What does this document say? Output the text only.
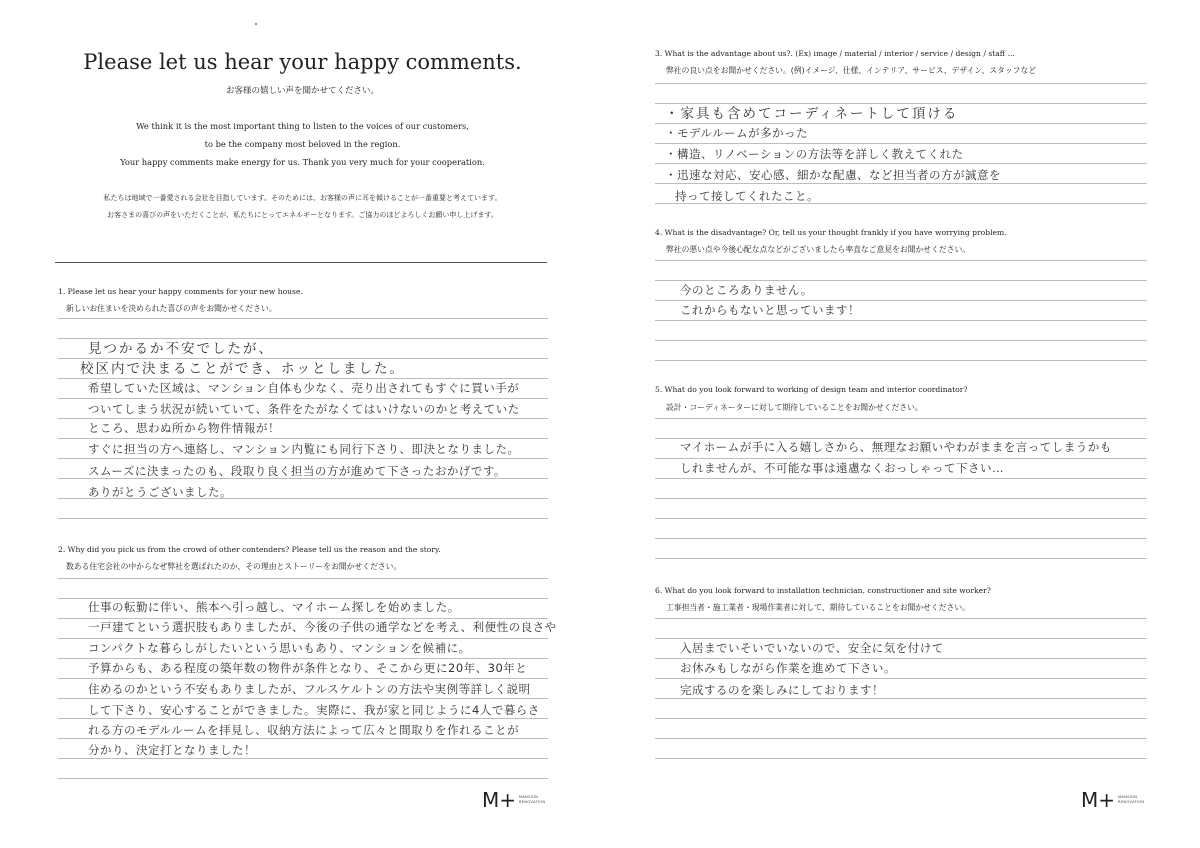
Please let us hear your happy comments.
お客様の嬉しい声を聞かせてください。
We think it is the most important thing to listen to the voices of our customers,
to be the company most beloved in the region.
Your happy comments make energy for us. Thank you very much for your cooperation.
私たちは地域で一番愛される会社を目指しています。そのためには、お客様の声に耳を傾けることが一番重要と考えています。
お客さまの喜びの声をいただくことが、私たちにとってエネルギーとなります。ご協力のほどよろしくお願い申し上げます。
1. Please let us hear your happy comments for your new house.
新しいお住まいを決められた喜びの声をお聞かせください。
見つかるか不安でしたが、
校区内で決まることができ、ホッとしました。
希望していた区域は、マンション自体も少なく、売り出されてもすぐに買い手が
ついてしまう状況が続いていて、条件をたがなくてはいけないのかと考えていた
ところ、思わぬ所から物件情報が！
すぐに担当の方へ連絡し、マンション内覧にも同行下さり、即決となりました。
スムーズに決まったのも、段取り良く担当の方が進めて下さったおかげです。
ありがとうございました。
2. Why did you pick us from the crowd of other contenders? Please tell us the reason and the story.
数ある住宅会社の中からなぜ弊社を選ばれたのか、その理由とストーリーをお聞かせください。
仕事の転勤に伴い、熊本へ引っ越し、マイホーム探しを始めました。
一戸建てという選択肢もありましたが、今後の子供の通学などを考え、利便性の良さや
コンパクトな暮らしがしたいという思いもあり、マンションを候補に。
予算からも、ある程度の築年数の物件が条件となり、そこから更に20年、30年と
住めるのかという不安もありましたが、フルスケルトンの方法や実例等詳しく説明
して下さり、安心することができました。実際に、我が家と同じように4人で暮らさ
れる方のモデルルームを拝見し、収納方法によって広々と間取りを作れることが
分かり、決定打となりました！
M+ MANSION
RENOVATION
3. What is the advantage about us?. (Ex) image / material / interior / service / design / staff ...
弊社の良い点をお聞かせください。(例)イメージ、仕様、インテリア、サービス、デザイン、スタッフなど
・家具も含めてコーディネートして頂ける
・モデルルームが多かった
・構造、リノベーションの方法等を詳しく教えてくれた
・迅速な対応、安心感、細かな配慮、など担当者の方が誠意を
持って接してくれたこと。
4. What is the disadvantage? Or, tell us your thought frankly if you have worrying problem.
弊社の悪い点や今後心配な点などがございましたら率直なご意見をお聞かせください。
今のところありません。
これからもないと思っています！
5. What do you look forward to working of design team and interior coordinator?
設計・コーディネーターに対して期待していることをお聞かせください。
マイホームが手に入る嬉しさから、無理なお願いやわがままを言ってしまうかも
しれませんが、不可能な事は遠慮なくおっしゃって下さい…
6. What do you look forward to installation technician, constructioner and site worker?
工事担当者・施工業者・現場作業者に対して、期待していることをお聞かせください。
入居までいそいでいないので、安全に気を付けて
お休みもしながら作業を進めて下さい。
完成するのを楽しみにしております！
M+ MANSION
RENOVATION
